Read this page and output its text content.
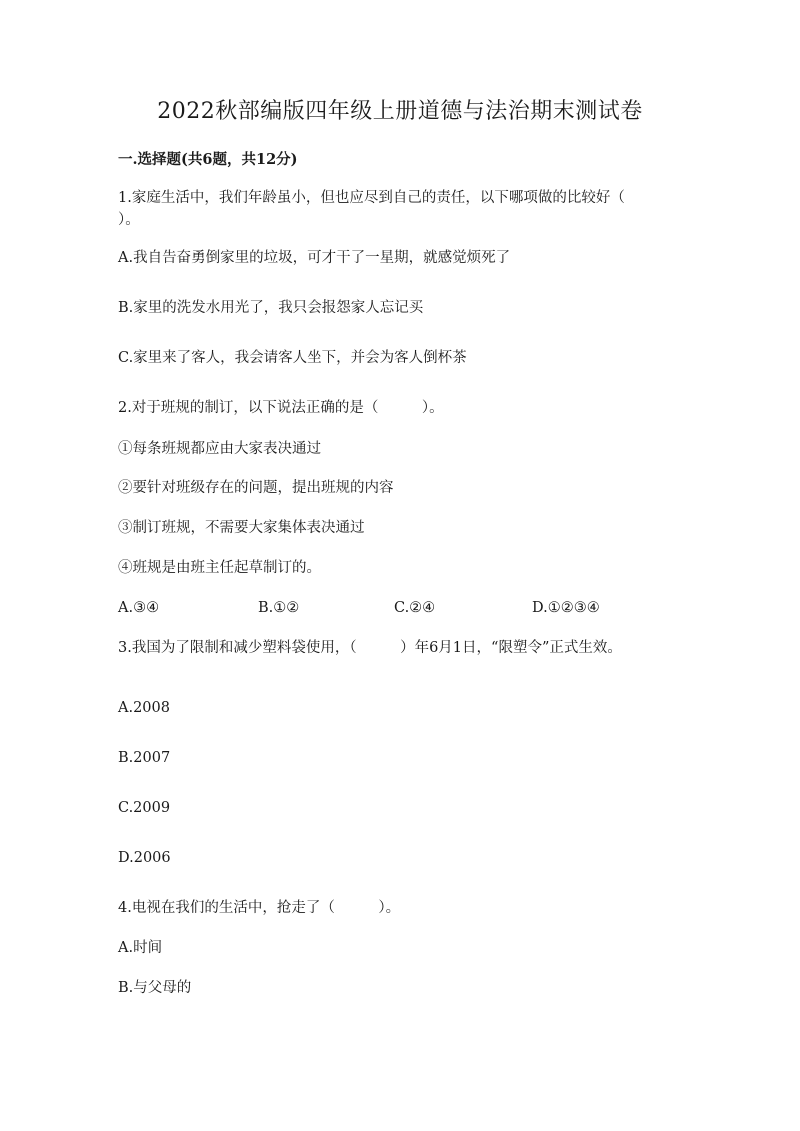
2022秋部编版四年级上册道德与法治期末测试卷
一.选择题(共6题，共12分)
1.家庭生活中，我们年龄虽小，但也应尽到自己的责任，以下哪项做的比较好（　　　）。
A.我自告奋勇倒家里的垃圾，可才干了一星期，就感觉烦死了
B.家里的洗发水用光了，我只会报怨家人忘记买
C.家里来了客人，我会请客人坐下，并会为客人倒杯茶
2.对于班规的制订，以下说法正确的是（　　　）。
①每条班规都应由大家表决通过
②要针对班级存在的问题，提出班规的内容
③制订班规，不需要大家集体表决通过
④班规是由班主任起草制订的。
A.③④	B.①②	C.②④	D.①②③④
3.我国为了限制和减少塑料袋使用，（　　　）年6月1日，“限塑令”正式生效。
A.2008
B.2007
C.2009
D.2006
4.电视在我们的生活中，抢走了（　　　）。
A.时间
B.与父母的
